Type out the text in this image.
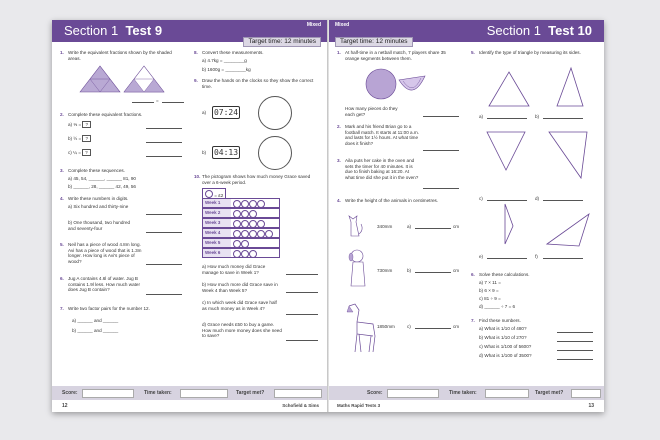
Section 1 Test 9	Mixed
Target time: 12 minutes
1. Write the equivalent fractions shown by the shaded areas.
=
2. Complete these equivalent fractions.
a) ⅓ = ?
b) ½ = ?
c) ¼ = ?
3. Complete these sequences.
a) 45, 54, ______, ______ 81, 90
b) ______, 28, ______ 42, 49, 56
4. Write these numbers in digits.
a) Six hundred and thirty-nine
b) One thousand, two hundred and seventy-four
5. Neil has a piece of wood 4.8m long. Avi has a piece of wood that is 1.3m longer. How long is Avi's piece of wood?
6. Jug A contains 4.6l of water. Jug B contains 1.9l less. How much water does Jug B contain?
7. Write two factor pairs for the number 12.
a) ______ and ______
b) ______ and ______
8. Convert these measurements.
a) 4.7kg = ________g
b) 1600g = ________kg
9. Draw the hands on the clocks so they show the correct time.
a) 07:24
b) 04:13
10. The pictogram shows how much money Grace saved over a 6-week period.
= £2
Week 1
Week 2
Week 3
Week 4
Week 5
Week 6
a) How much money did Grace manage to save in Week 1?
b) How much more did Grace save in Week 4 than Week 5?
c) In which week did Grace save half as much money as in Week 4?
d) Grace needs £50 to buy a game. How much more money does she need to save?
Score:	Time taken:	Target met?
12	Schofield & Sims
Mixed	Section 1 Test 10
Target time: 12 minutes
1. At half-time in a netball match, 7 players share 35 orange segments between them.
How many pieces do they each get?
2. Mark and his friend Brian go to a football match. It starts at 11:00 a.m. and lasts for 1½ hours. At what time does it finish?
3. Aila puts her cake in the oven and sets the timer for 40 minutes. It is due to finish baking at 16:20. At what time did she put it in the oven?
4. Write the height of the animals in centimetres.
340mm	a)	cm
730mm	b)	cm
1850mm	c)	cm
5. Identify the type of triangle by measuring its sides.
a)	b)
c)	d)
e)	f)
6. Solve these calculations.
a) 7 × 11 =
b) 6 × 9 =
c) 81 ÷ 9 =
d) ______ ÷ 7 = 6
7. Find these numbers.
a) What is 1/10 of 480?
b) What is 1/10 of 270?
c) What is 1/100 of 5600?
d) What is 1/100 of 3500?
Score:	Time taken:	Target met?
Maths Rapid Tests 3	13
